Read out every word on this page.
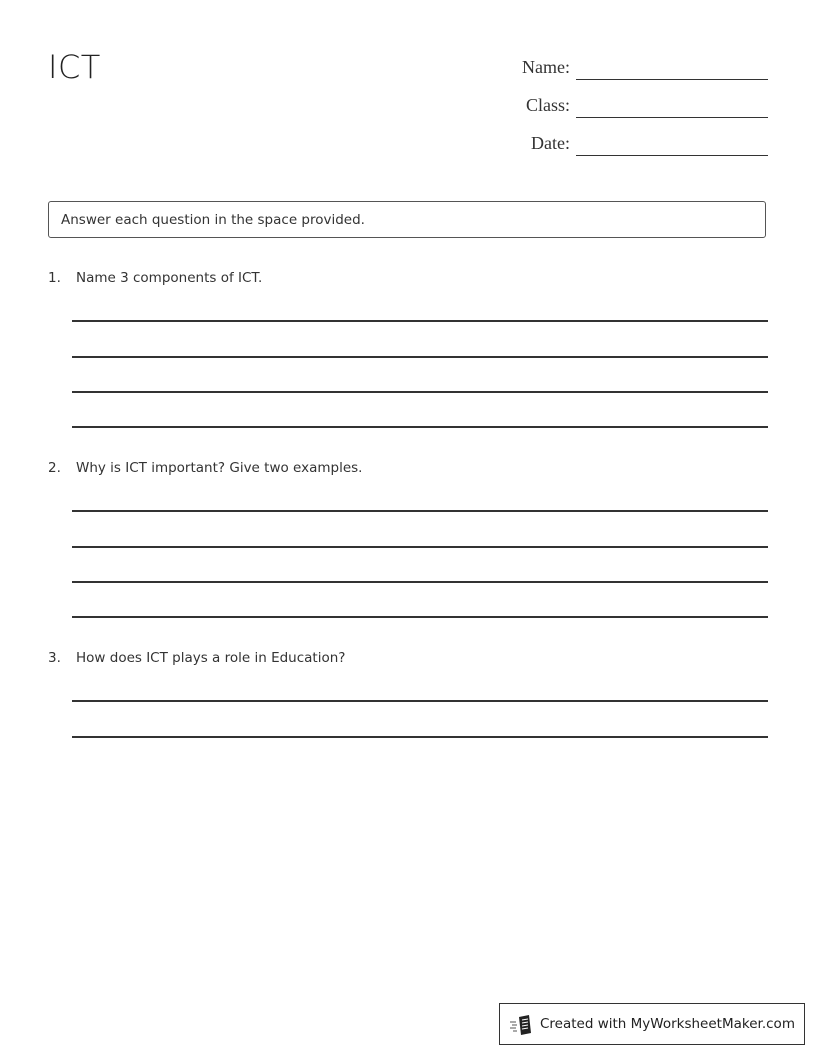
ICT	Name:
Class:
Date:
Answer each question in the space provided.
1. Name 3 components of ICT.
2. Why is ICT important? Give two examples.
3. How does ICT plays a role in Education?
Created with MyWorksheetMaker.com
